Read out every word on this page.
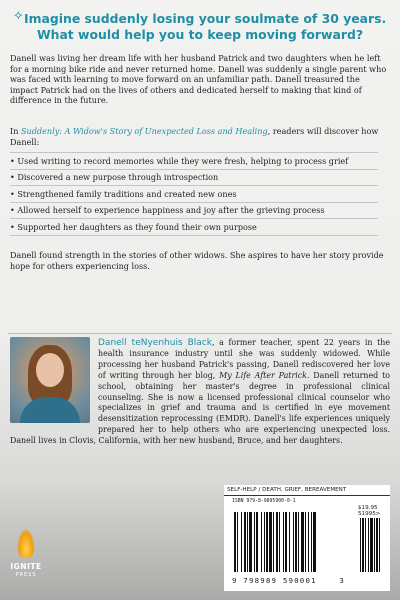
⟡ Imagine suddenly losing your soulmate of 30 years.
What would help you to keep moving forward?
Danell was living her dream life with her husband Patrick and two daughters when he left for a morning bike ride and never returned home. Danell was suddenly a single parent who was faced with learning to move forward on an unfamiliar path. Danell treasured the impact Patrick had on the lives of others and dedicated herself to making that kind of difference in the future.
In Suddenly: A Widow's Story of Unexpected Loss and Healing, readers will discover how Danell:
• Used writing to record memories while they were fresh, helping to process grief
• Discovered a new purpose through introspection
• Strengthened family traditions and created new ones
• Allowed herself to experience happiness and joy after the grieving process
• Supported her daughters as they found their own purpose
Danell found strength in the stories of other widows. She aspires to have her story provide hope for others experiencing loss.
Danell teNyenhuis Black, a former teacher, spent 22 years in the health insurance industry until she was suddenly widowed. While processing her husband Patrick's passing, Danell rediscovered her love of writing through her blog, My Life After Patrick. Danell returned to school, obtaining her master's degree in professional clinical counseling. She is now a licensed professional clinical counselor who specializes in grief and trauma and is certified in eye movement desensitization reprocessing (EMDR). Danell's life experiences uniquely prepared her to help others who are experiencing unexpected loss. Danell lives in Clovis, California, with her new husband, Bruce, and her daughters.
SELF-HELP / DEATH, GRIEF, BEREAVEMENT
ISBN 979-8-9895900-0-1
$19.95
51995>
9 798989 590001	3
IGNITE
PRESS
